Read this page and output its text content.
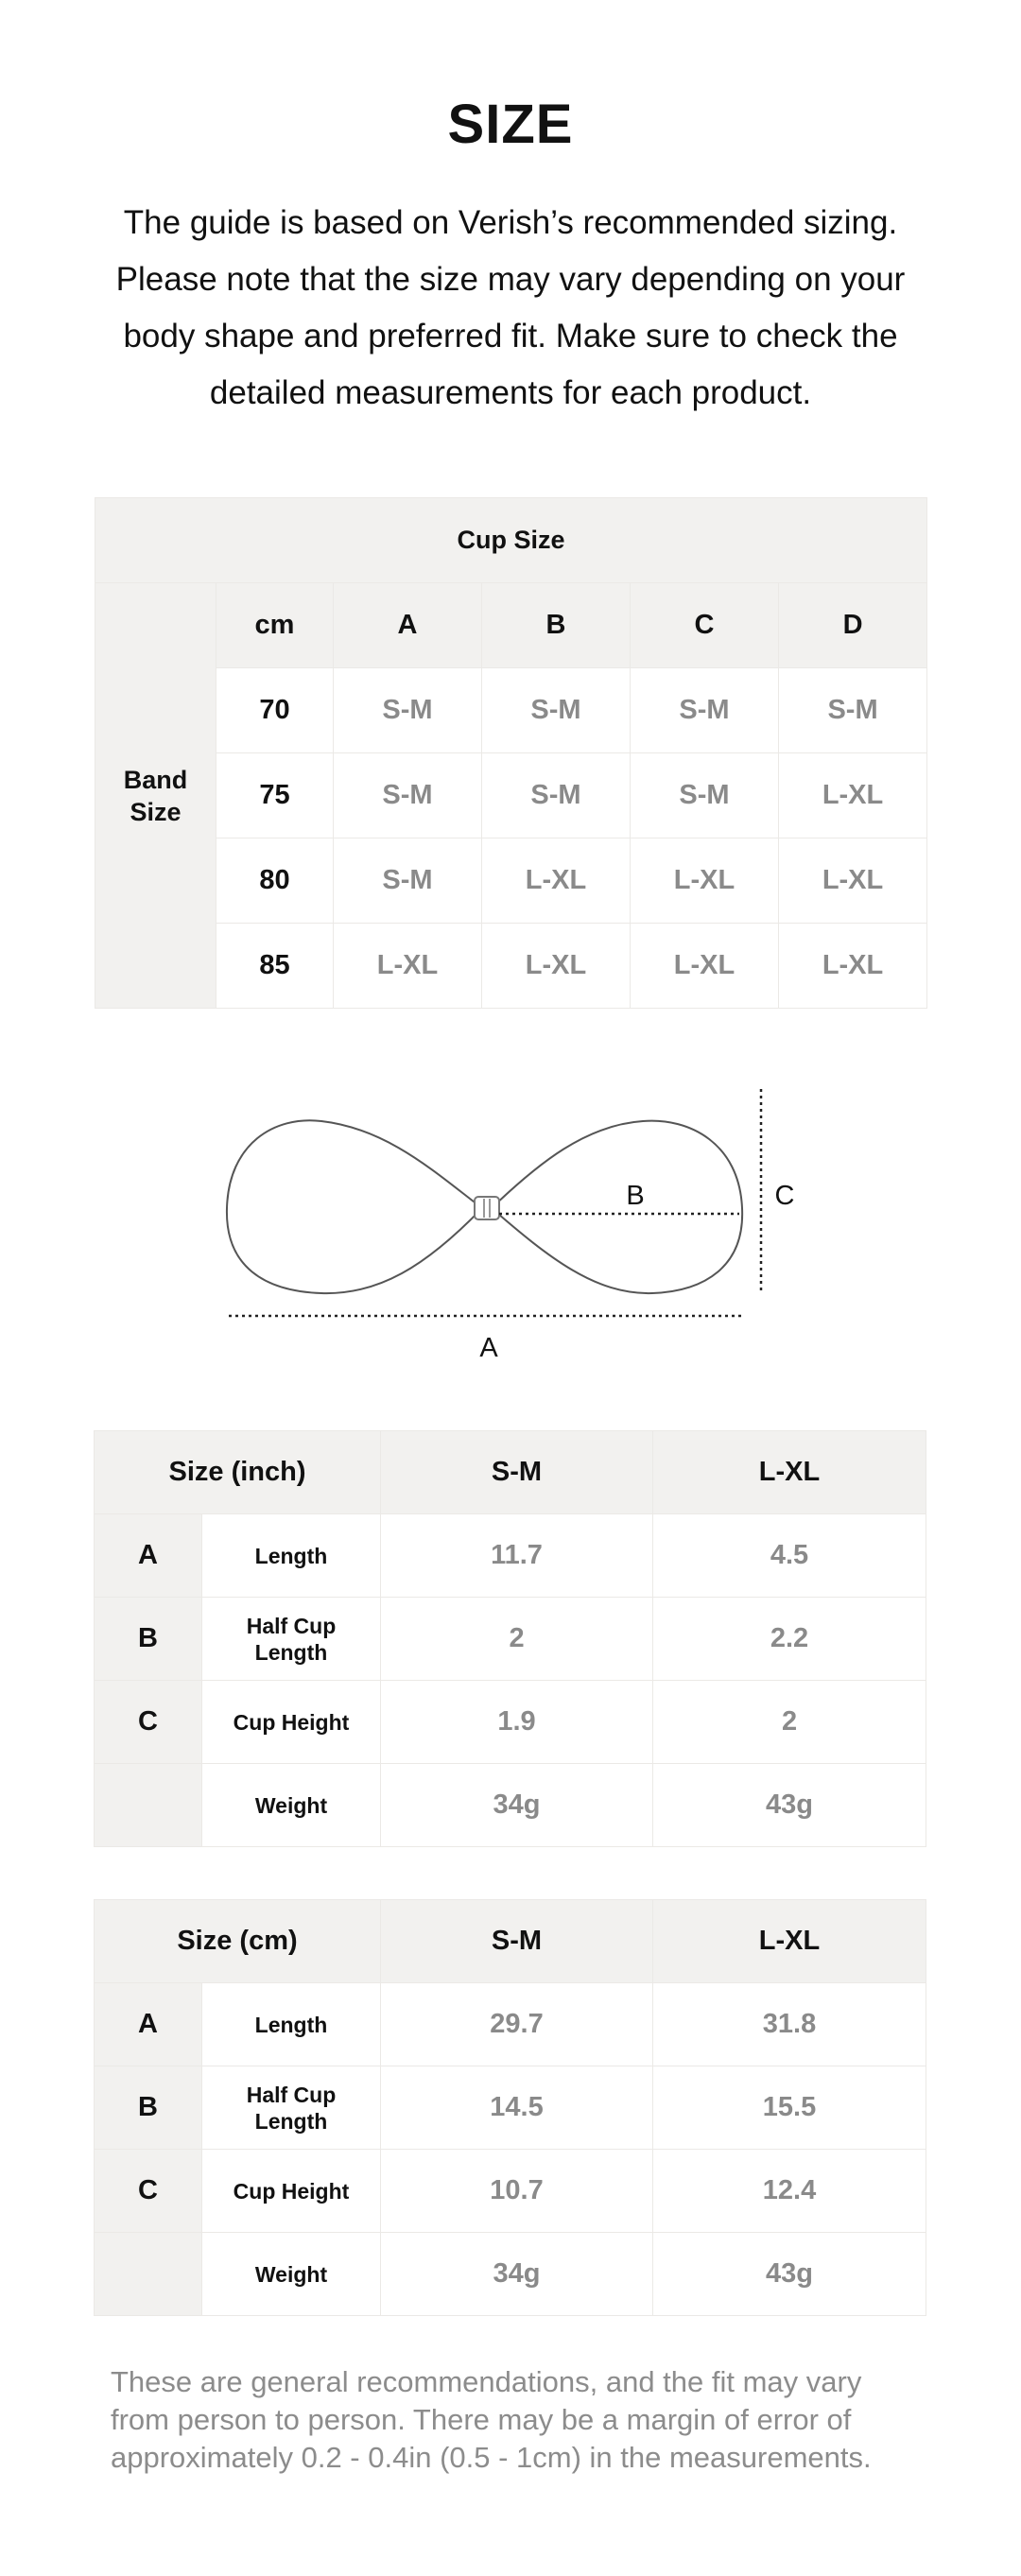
SIZE
The guide is based on Verish’s recommended sizing.
Please note that the size may vary depending on your
body shape and preferred fit. Make sure to check the
detailed measurements for each product.
Cup Size					
Band Size	cm	A	B	C	D
	70	S-M	S-M	S-M	S-M
	75	S-M	S-M	S-M	L-XL
	80	S-M	L-XL	L-XL	L-XL
	85	L-XL	L-XL	L-XL	L-XL
B	C
A
Size (inch)		S-M	L-XL
A	Length	11.7	4.5
B	Half Cup Length	2	2.2
C	Cup Height	1.9	2
	Weight	34g	43g
Size (cm)		S-M	L-XL
A	Length	29.7	31.8
B	Half Cup Length	14.5	15.5
C	Cup Height	10.7	12.4
	Weight	34g	43g
These are general recommendations, and the fit may vary
from person to person. There may be a margin of error of
approximately 0.2 - 0.4in (0.5 - 1cm) in the measurements.
